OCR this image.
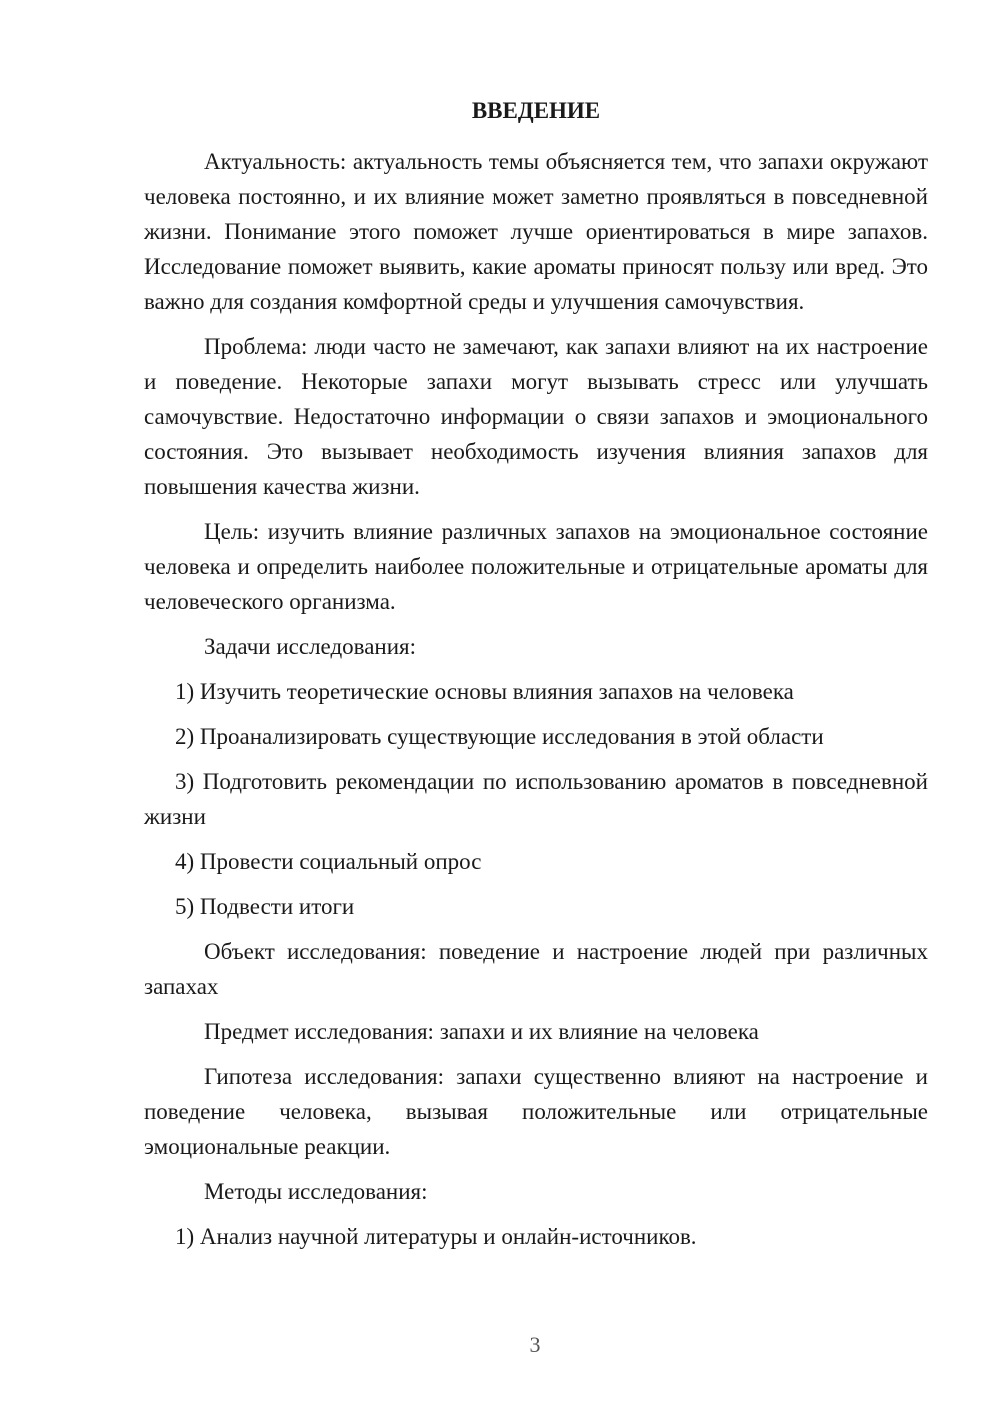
ВВЕДЕНИЕ

Актуальность: актуальность темы объясняется тем, что запахи окружают человека постоянно, и их влияние может заметно проявляться в повседневной жизни. Понимание этого поможет лучше ориентироваться в мире запахов. Исследование поможет выявить, какие ароматы приносят пользу или вред. Это важно для создания комфортной среды и улучшения самочувствия.

Проблема: люди часто не замечают, как запахи влияют на их настроение и поведение. Некоторые запахи могут вызывать стресс или улучшать самочувствие. Недостаточно информации о связи запахов и эмоционального состояния. Это вызывает необходимость изучения влияния запахов для повышения качества жизни.

Цель: изучить влияние различных запахов на эмоциональное состояние человека и определить наиболее положительные и отрицательные ароматы для человеческого организма.

Задачи исследования:

1) Изучить теоретические основы влияния запахов на человека

2) Проанализировать существующие исследования в этой области

3) Подготовить рекомендации по использованию ароматов в повседневной жизни

4) Провести социальный опрос

5) Подвести итоги

Объект исследования: поведение и настроение людей при различных запахах

Предмет исследования: запахи и их влияние на человека

Гипотеза исследования: запахи существенно влияют на настроение и поведение человека, вызывая положительные или отрицательные эмоциональные реакции.

Методы исследования:

1) Анализ научной литературы и онлайн-источников.

3
